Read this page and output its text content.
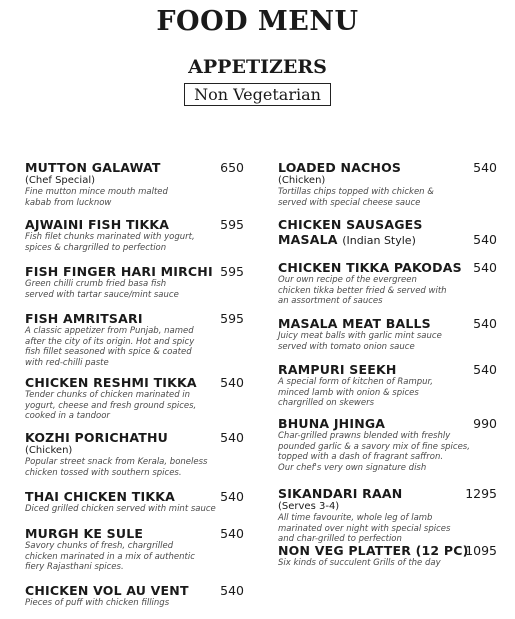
FOOD MENU
APPETIZERS
Non Vegetarian
MUTTON GALAWAT
(Chef Special)
Fine mutton mince mouth malted
kabab from lucknow
650
AJWAINI FISH TIKKA
Fish filet chunks marinated with yogurt,
spices & chargrilled to perfection
595
FISH FINGER HARI MIRCHI
Green chilli crumb fried basa fish
served with tartar sauce/mint sauce
595
FISH AMRITSARI
A classic appetizer from Punjab, named
after the city of its origin. Hot and spicy
fish fillet seasoned with spice & coated
with red-chilli paste
595
CHICKEN RESHMI TIKKA
Tender chunks of chicken marinated in
yogurt, cheese and fresh ground spices,
cooked in a tandoor
540
KOZHI PORICHATHU
(Chicken)
Popular street snack from Kerala, boneless
chicken tossed with southern spices.
540
THAI CHICKEN TIKKA
Diced grilled chicken served with mint sauce
540
MURGH KE SULE
Savory chunks of fresh, chargrilled
chicken marinated in a mix of authentic
fiery Rajasthani spices.
540
CHICKEN VOL AU VENT
Pieces of puff with chicken fillings
540
LOADED NACHOS
(Chicken)
Tortillas chips topped with chicken &
served with special cheese sauce
540
CHICKEN SAUSAGES
MASALA (Indian Style)	540
CHICKEN TIKKA PAKODAS
Our own recipe of the evergreen
chicken tikka better fried & served with
an assortment of sauces
540
MASALA MEAT BALLS
Juicy meat balls with garlic mint sauce
served with tomato onion sauce
540
RAMPURI SEEKH
A special form of kitchen of Rampur,
minced lamb with onion & spices
chargrilled on skewers
540
BHUNA JHINGA
Char-grilled prawns blended with freshly
pounded garlic & a savory mix of fine spices,
topped with a dash of fragrant saffron.
Our chef's very own signature dish
990
SIKANDARI RAAN
(Serves 3-4)
All time favourite, whole leg of lamb
marinated over night with special spices
and char-grilled to perfection
1295
NON VEG PLATTER (12 PC)
Six kinds of succulent Grills of the day
1095
